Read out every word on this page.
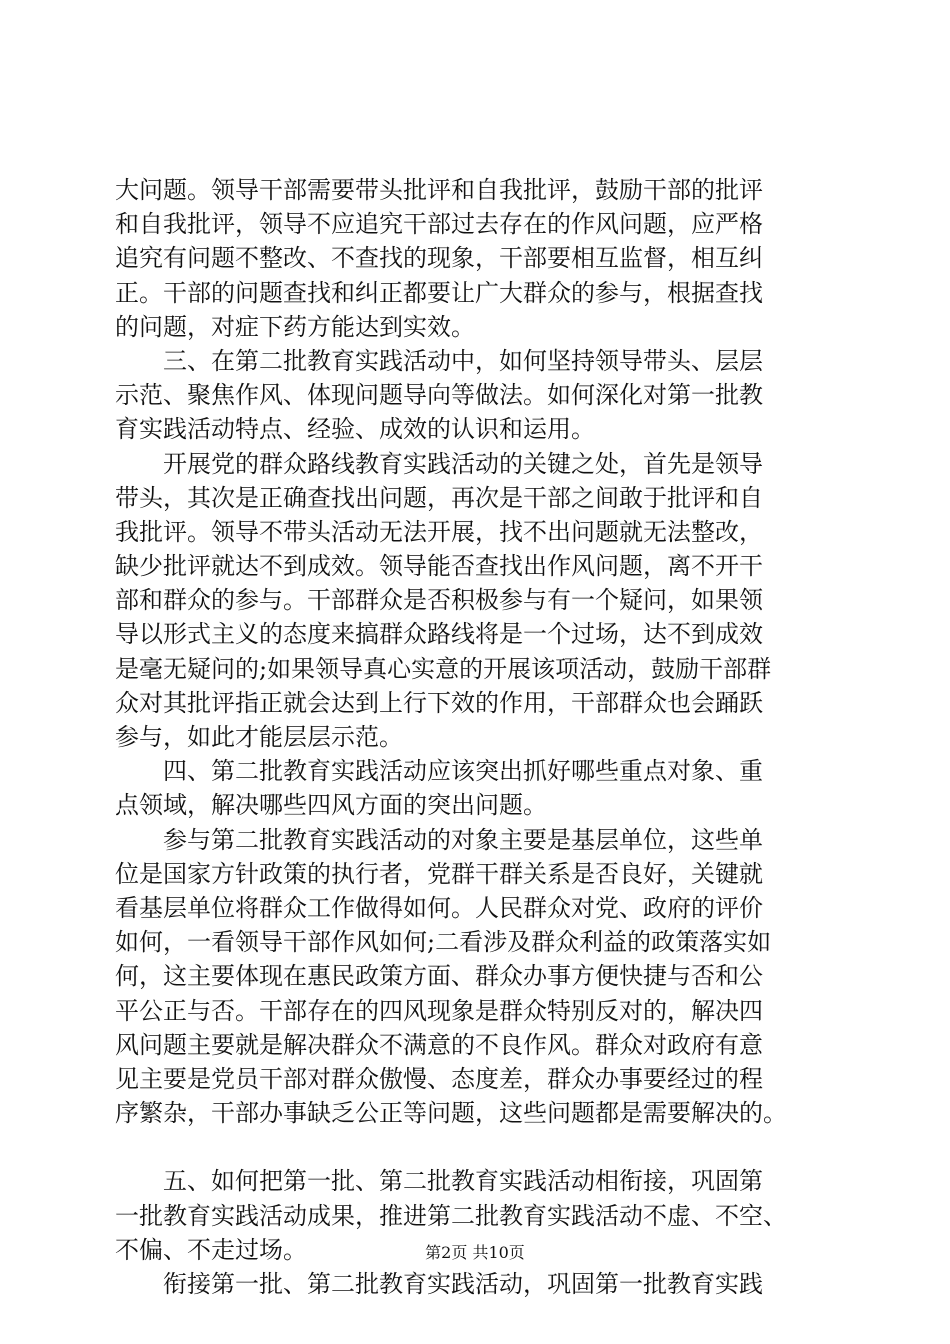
大问题。领导干部需要带头批评和自我批评，鼓励干部的批评
和自我批评，领导不应追究干部过去存在的作风问题，应严格
追究有问题不整改、不查找的现象，干部要相互监督，相互纠
正。干部的问题查找和纠正都要让广大群众的参与，根据查找
的问题，对症下药方能达到实效。
三、在第二批教育实践活动中，如何坚持领导带头、层层
示范、聚焦作风、体现问题导向等做法。如何深化对第一批教
育实践活动特点、经验、成效的认识和运用。
开展党的群众路线教育实践活动的关键之处，首先是领导
带头，其次是正确查找出问题，再次是干部之间敢于批评和自
我批评。领导不带头活动无法开展，找不出问题就无法整改，
缺少批评就达不到成效。领导能否查找出作风问题，离不开干
部和群众的参与。干部群众是否积极参与有一个疑问，如果领
导以形式主义的态度来搞群众路线将是一个过场，达不到成效
是毫无疑问的;如果领导真心实意的开展该项活动，鼓励干部群
众对其批评指正就会达到上行下效的作用，干部群众也会踊跃
参与，如此才能层层示范。
四、第二批教育实践活动应该突出抓好哪些重点对象、重
点领域，解决哪些四风方面的突出问题。
参与第二批教育实践活动的对象主要是基层单位，这些单
位是国家方针政策的执行者，党群干群关系是否良好，关键就
看基层单位将群众工作做得如何。人民群众对党、政府的评价
如何，一看领导干部作风如何;二看涉及群众利益的政策落实如
何，这主要体现在惠民政策方面、群众办事方便快捷与否和公
平公正与否。干部存在的四风现象是群众特别反对的，解决四
风问题主要就是解决群众不满意的不良作风。群众对政府有意
见主要是党员干部对群众傲慢、态度差，群众办事要经过的程
序繁杂，干部办事缺乏公正等问题，这些问题都是需要解决的。
五、如何把第一批、第二批教育实践活动相衔接，巩固第
一批教育实践活动成果，推进第二批教育实践活动不虚、不空、
不偏、不走过场。
衔接第一批、第二批教育实践活动，巩固第一批教育实践
第2页 共10页
